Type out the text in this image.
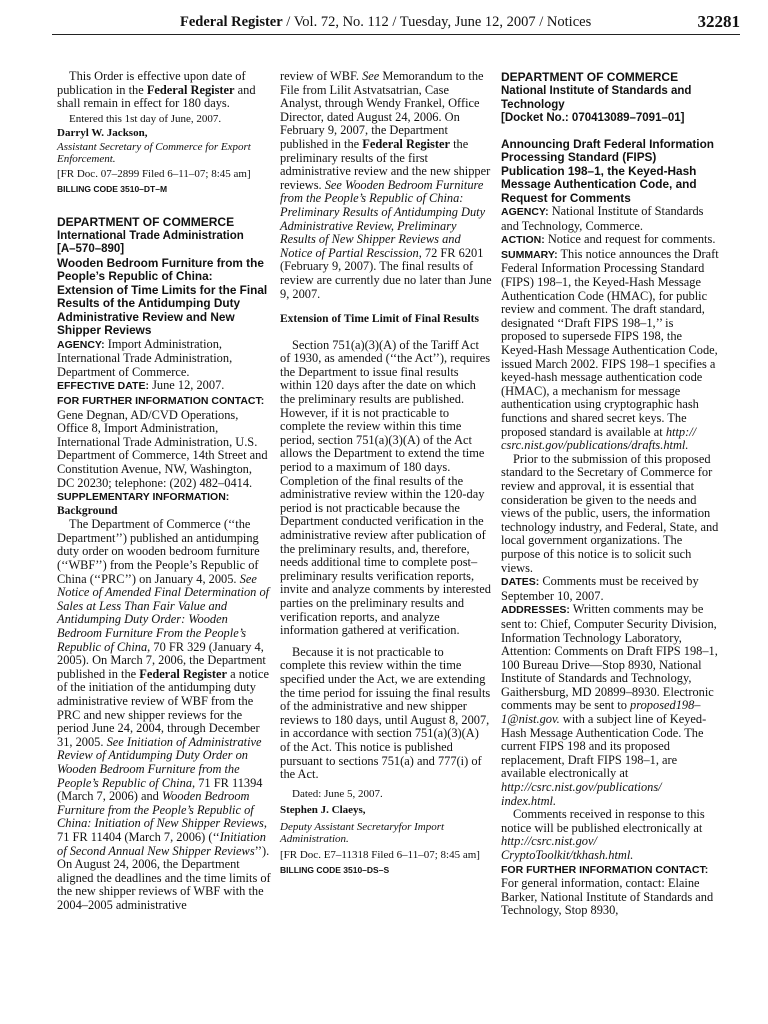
Federal Register / Vol. 72, No. 112 / Tuesday, June 12, 2007 / Notices	32281

This Order is effective upon date of publication in the Federal Register and shall remain in effect for 180 days.

Entered this 1st day of June, 2007.

Darryl W. Jackson,

Assistant Secretary of Commerce for Export Enforcement.

[FR Doc. 07–2899 Filed 6–11–07; 8:45 am]

BILLING CODE 3510–DT–M

DEPARTMENT OF COMMERCE

International Trade Administration

[A–570–890]

Wooden Bedroom Furniture from the People’s Republic of China: Extension of Time Limits for the Final Results of the Antidumping Duty Administrative Review and New Shipper Reviews

AGENCY: Import Administration, International Trade Administration, Department of Commerce.

EFFECTIVE DATE: June 12, 2007.

FOR FURTHER INFORMATION CONTACT:
Gene Degnan, AD/CVD Operations, Office 8, Import Administration, International Trade Administration, U.S. Department of Commerce, 14th Street and Constitution Avenue, NW, Washington, DC 20230; telephone: (202) 482–0414.

SUPPLEMENTARY INFORMATION:

Background

The Department of Commerce (‘‘the Department’’) published an antidumping duty order on wooden bedroom furniture (‘‘WBF’’) from the People’s Republic of China (‘‘PRC’’) on January 4, 2005. See Notice of Amended Final Determination of Sales at Less Than Fair Value and Antidumping Duty Order: Wooden Bedroom Furniture From the People’s Republic of China, 70 FR 329 (January 4, 2005). On March 7, 2006, the Department published in the Federal Register a notice of the initiation of the antidumping duty administrative review of WBF from the PRC and new shipper reviews for the period June 24, 2004, through December 31, 2005. See Initiation of Administrative Review of Antidumping Duty Order on Wooden Bedroom Furniture from the People’s Republic of China, 71 FR 11394 (March 7, 2006) and Wooden Bedroom Furniture from the People’s Republic of China: Initiation of New Shipper Reviews, 71 FR 11404 (March 7, 2006) (‘‘Initiation of Second Annual New Shipper Reviews’’). On August 24, 2006, the Department aligned the deadlines and the time limits of the new shipper reviews of WBF with the 2004–2005 administrative

review of WBF. See Memorandum to the File from Lilit Astvatsatrian, Case Analyst, through Wendy Frankel, Office Director, dated August 24, 2006. On February 9, 2007, the Department published in the Federal Register the preliminary results of the first administrative review and the new shipper reviews. See Wooden Bedroom Furniture from the People’s Republic of China: Preliminary Results of Antidumping Duty Administrative Review, Preliminary Results of New Shipper Reviews and Notice of Partial Rescission, 72 FR 6201 (February 9, 2007). The final results of review are currently due no later than June 9, 2007.

Extension of Time Limit of Final Results

Section 751(a)(3)(A) of the Tariff Act of 1930, as amended (‘‘the Act’’), requires the Department to issue final results within 120 days after the date on which the preliminary results are published. However, if it is not practicable to complete the review within this time period, section 751(a)(3)(A) of the Act allows the Department to extend the time period to a maximum of 180 days. Completion of the final results of the administrative review within the 120-day period is not practicable because the Department conducted verification in the administrative review after publication of the preliminary results, and, therefore, needs additional time to complete post–preliminary results verification reports, invite and analyze comments by interested parties on the preliminary results and verification reports, and analyze information gathered at verification.

Because it is not practicable to complete this review within the time specified under the Act, we are extending the time period for issuing the final results of the administrative and new shipper reviews to 180 days, until August 8, 2007, in accordance with section 751(a)(3)(A) of the Act. This notice is published pursuant to sections 751(a) and 777(i) of the Act.

Dated: June 5, 2007.

Stephen J. Claeys,

Deputy Assistant Secretaryfor Import Administration.

[FR Doc. E7–11318 Filed 6–11–07; 8:45 am]

BILLING CODE 3510–DS–S

DEPARTMENT OF COMMERCE

National Institute of Standards and Technology

[Docket No.: 070413089–7091–01]

Announcing Draft Federal Information Processing Standard (FIPS) Publication 198–1, the Keyed-Hash Message Authentication Code, and Request for Comments

AGENCY: National Institute of Standards and Technology, Commerce.

ACTION: Notice and request for comments.

SUMMARY: This notice announces the Draft Federal Information Processing Standard (FIPS) 198–1, the Keyed-Hash Message Authentication Code (HMAC), for public review and comment. The draft standard, designated ‘‘Draft FIPS 198–1,’’ is proposed to supersede FIPS 198, the Keyed-Hash Message Authentication Code, issued March 2002. FIPS 198–1 specifies a keyed-hash message authentication code (HMAC), a mechanism for message authentication using cryptographic hash functions and shared secret keys. The proposed standard is available at http:// csrc.nist.gov/publications/drafts.html.

Prior to the submission of this proposed standard to the Secretary of Commerce for review and approval, it is essential that consideration be given to the needs and views of the public, users, the information technology industry, and Federal, State, and local government organizations. The purpose of this notice is to solicit such views.

DATES: Comments must be received by September 10, 2007.

ADDRESSES: Written comments may be sent to: Chief, Computer Security Division, Information Technology Laboratory, Attention: Comments on Draft FIPS 198–1, 100 Bureau Drive—Stop 8930, National Institute of Standards and Technology, Gaithersburg, MD 20899–8930. Electronic comments may be sent to proposed198–1@nist.gov. with a subject line of Keyed-Hash Message Authentication Code. The current FIPS 198 and its proposed replacement, Draft FIPS 198–1, are available electronically at http://csrc.nist.gov/publications/ index.html.

Comments received in response to this notice will be published electronically at http://csrc.nist.gov/ CryptoToolkit/tkhash.html.

FOR FURTHER INFORMATION CONTACT: For general information, contact: Elaine Barker, National Institute of Standards and Technology, Stop 8930,
